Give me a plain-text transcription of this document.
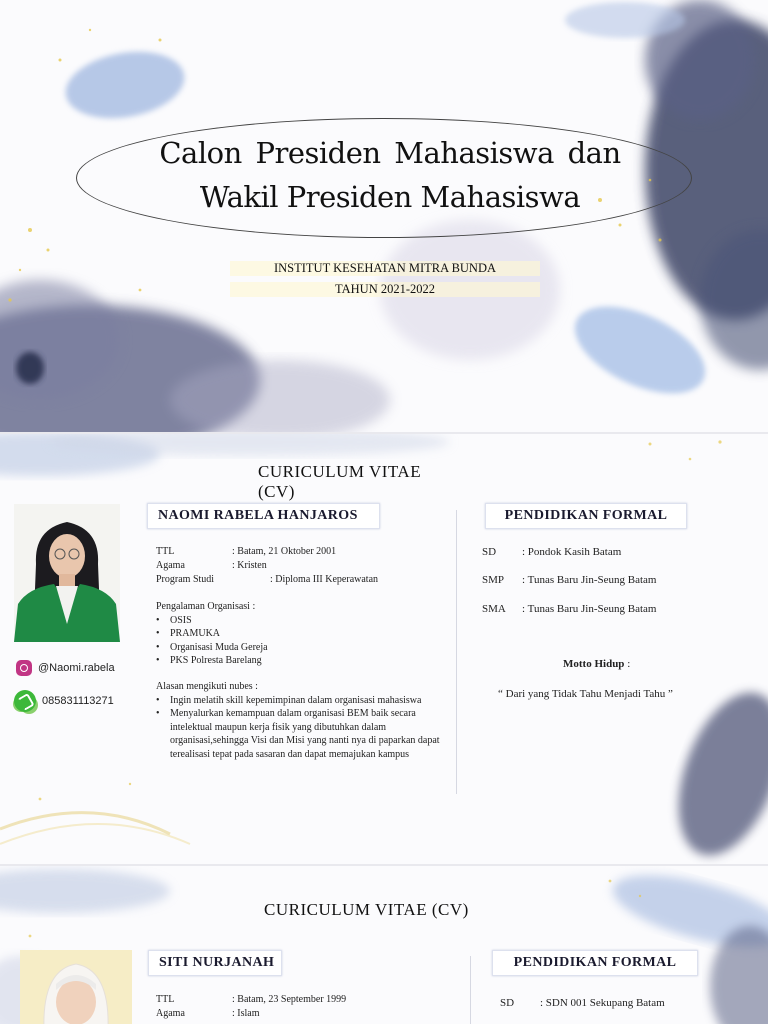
Calon Presiden Mahasiswa dan
Wakil Presiden Mahasiswa
INSTITUT KESEHATAN MITRA BUNDA
TAHUN 2021-2022
CURICULUM VITAE (CV)
@Naomi.rabela
085831113271
NAOMI RABELA HANJAROS
TTL	: Batam, 21 Oktober 2001
Agama	: Kristen
Program Studi	: Diploma III Keperawatan
Pengalaman Organisasi :
• OSIS
• PRAMUKA
• Organisasi Muda Gereja
• PKS Polresta Barelang
Alasan mengikuti nubes :
• Ingin melatih skill kepemimpinan dalam organisasi mahasiswa
• Menyalurkan kemampuan dalam organisasi BEM baik secara intelektual maupun kerja fisik yang dibutuhkan dalam organisasi,sehingga Visi dan Misi yang nanti nya di paparkan dapat terealisasi tepat pada sasaran dan dapat memajukan kampus
PENDIDIKAN FORMAL
SD : Pondok Kasih Batam
SMP : Tunas Baru Jin-Seung Batam
SMA : Tunas Baru Jin-Seung Batam
Motto Hidup :
“ Dari yang Tidak Tahu Menjadi Tahu ”
CURICULUM VITAE (CV)
SITI NURJANAH
TTL	: Batam, 23 September 1999
Agama	: Islam
PENDIDIKAN FORMAL
SD : SDN 001 Sekupang Batam
